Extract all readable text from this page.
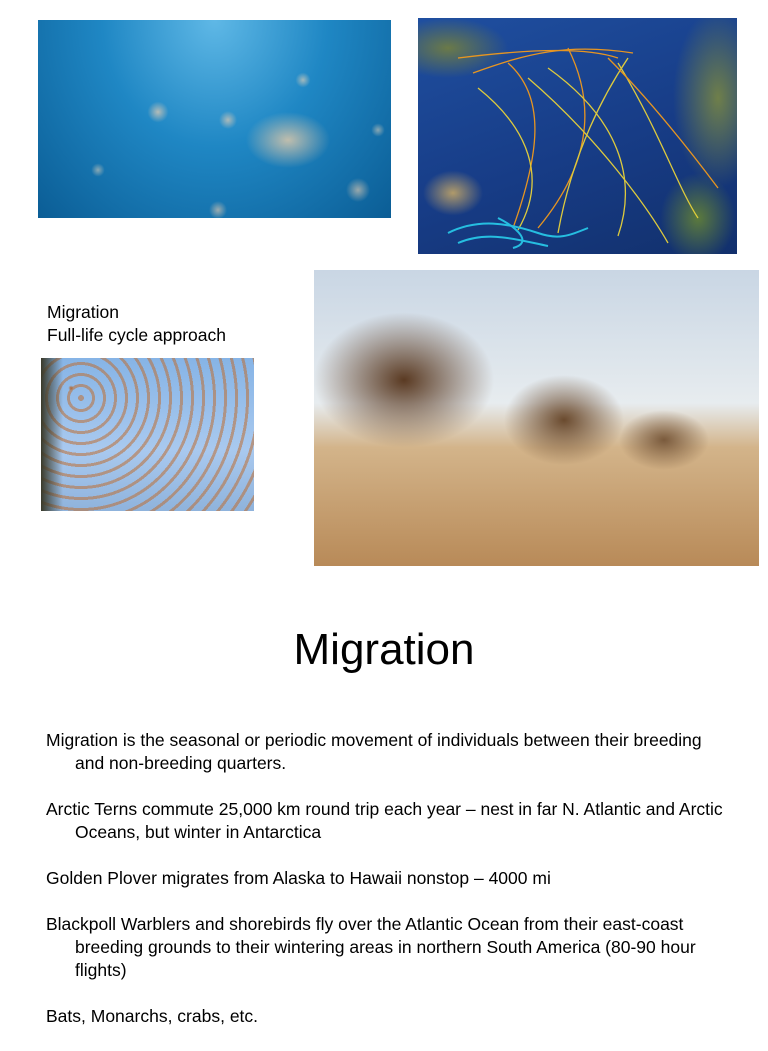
Migration
Full-life cycle approach
Migration
Migration is the seasonal or periodic movement of individuals between their breeding and non-breeding quarters.
Arctic Terns commute 25,000 km round trip each year – nest in far N. Atlantic and Arctic Oceans, but winter in Antarctica
Golden Plover migrates from Alaska to Hawaii nonstop – 4000 mi
Blackpoll Warblers and shorebirds fly over the Atlantic Ocean from their east-coast breeding grounds to their wintering areas in northern South America (80-90 hour flights)
Bats, Monarchs, crabs, etc.
